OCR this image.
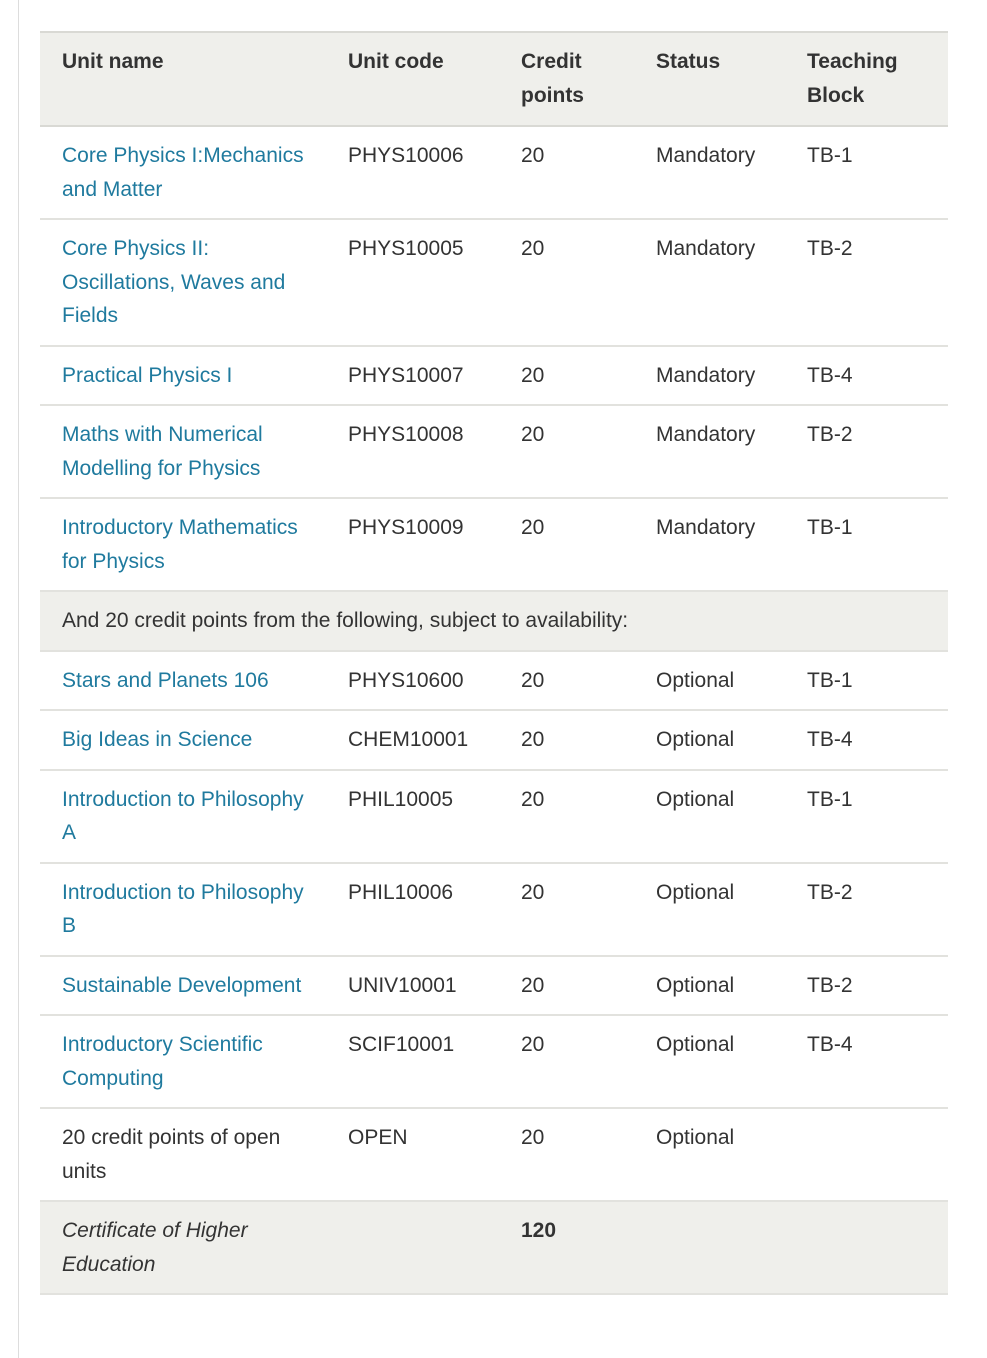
Unit name	Unit code	Credit points	Status	Teaching Block
Core Physics I:Mechanics and Matter	PHYS10006	20	Mandatory	TB-1
Core Physics II: Oscillations, Waves and Fields	PHYS10005	20	Mandatory	TB-2
Practical Physics I	PHYS10007	20	Mandatory	TB-4
Maths with Numerical Modelling for Physics	PHYS10008	20	Mandatory	TB-2
Introductory Mathematics for Physics	PHYS10009	20	Mandatory	TB-1
And 20 credit points from the following, subject to availability:				
Stars and Planets 106	PHYS10600	20	Optional	TB-1
Big Ideas in Science	CHEM10001	20	Optional	TB-4
Introduction to Philosophy A	PHIL10005	20	Optional	TB-1
Introduction to Philosophy B	PHIL10006	20	Optional	TB-2
Sustainable Development	UNIV10001	20	Optional	TB-2
Introductory Scientific Computing	SCIF10001	20	Optional	TB-4
20 credit points of open units	OPEN	20	Optional	
Certificate of Higher Education		120		
